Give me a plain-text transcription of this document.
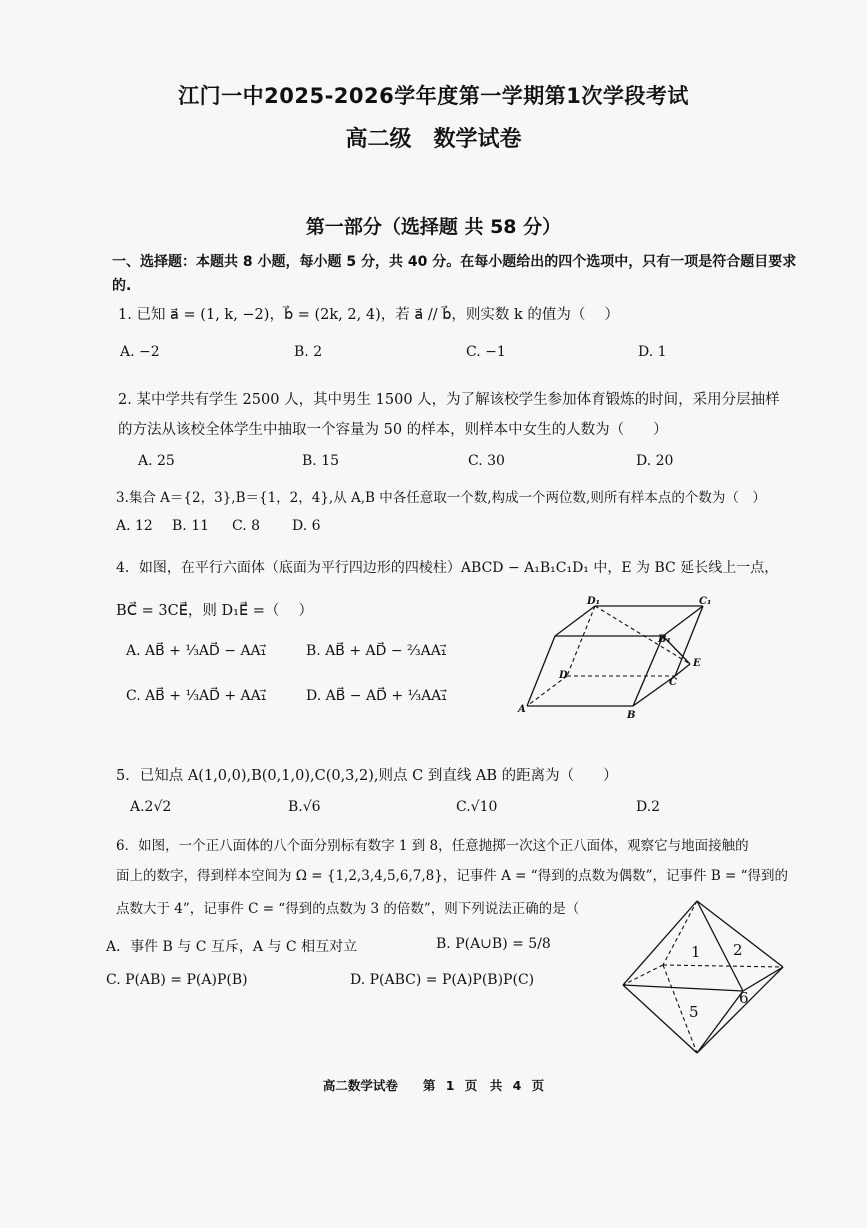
江门一中2025-2026学年度第一学期第1次学段考试
高二级　数学试卷
第一部分（选择题 共 58 分）
一、选择题：本题共 8 小题，每小题 5 分，共 40 分。在每小题给出的四个选项中，只有一项是符合题目要求的.
1. 已知 a⃗ = (1, k, −2)，b⃗ = (2k, 2, 4)，若 a⃗ // b⃗，则实数 k 的值为（　 ）
A. −2	B. 2	C. −1	D. 1
2. 某中学共有学生 2500 人，其中男生 1500 人，为了解该校学生参加体育锻炼的时间，采用分层抽样
的方法从该校全体学生中抽取一个容量为 50 的样本，则样本中女生的人数为（　　）
A. 25	B. 15	C. 30	D. 20
3.集合 A＝{2，3},B＝{1，2，4},从 A,B 中各任意取一个数,构成一个两位数,则所有样本点的个数为（　）
A. 12 B. 11 C. 8 D. 6
4．如图，在平行六面体（底面为平行四边形的四棱柱）ABCD − A₁B₁C₁D₁ 中，E 为 BC 延长线上一点，
BC⃗ = 3CE⃗，则 D₁E⃗ =（　 ）
A. AB⃗ + ⅓AD⃗ − AA₁⃗	B. AB⃗ + AD⃗ − ⅔AA₁⃗
C. AB⃗ + ⅓AD⃗ + AA₁⃗	D. AB⃗ − AD⃗ + ⅓AA₁⃗
D₁	C₁
B₁
D
C
E
A
B
5．已知点 A(1,0,0),B(0,1,0),C(0,3,2),则点 C 到直线 AB 的距离为（　　）
A.2√2	B.√6	C.√10	D.2
6．如图，一个正八面体的八个面分别标有数字 1 到 8，任意抛掷一次这个正八面体，观察它与地面接触的
面上的数字，得到样本空间为 Ω = {1,2,3,4,5,6,7,8}，记事件 A = “得到的点数为偶数”，记事件 B = “得到的
点数大于 4”，记事件 C = “得到的点数为 3 的倍数”，则下列说法正确的是（
A．事件 B 与 C 互斥，A 与 C 相互对立	B. P(A∪B) = 5/8
C. P(AB) = P(A)P(B)	D. P(ABC) = P(A)P(B)P(C)
1 2
5
6
高二数学试卷　　第 1 页　共 4 页
